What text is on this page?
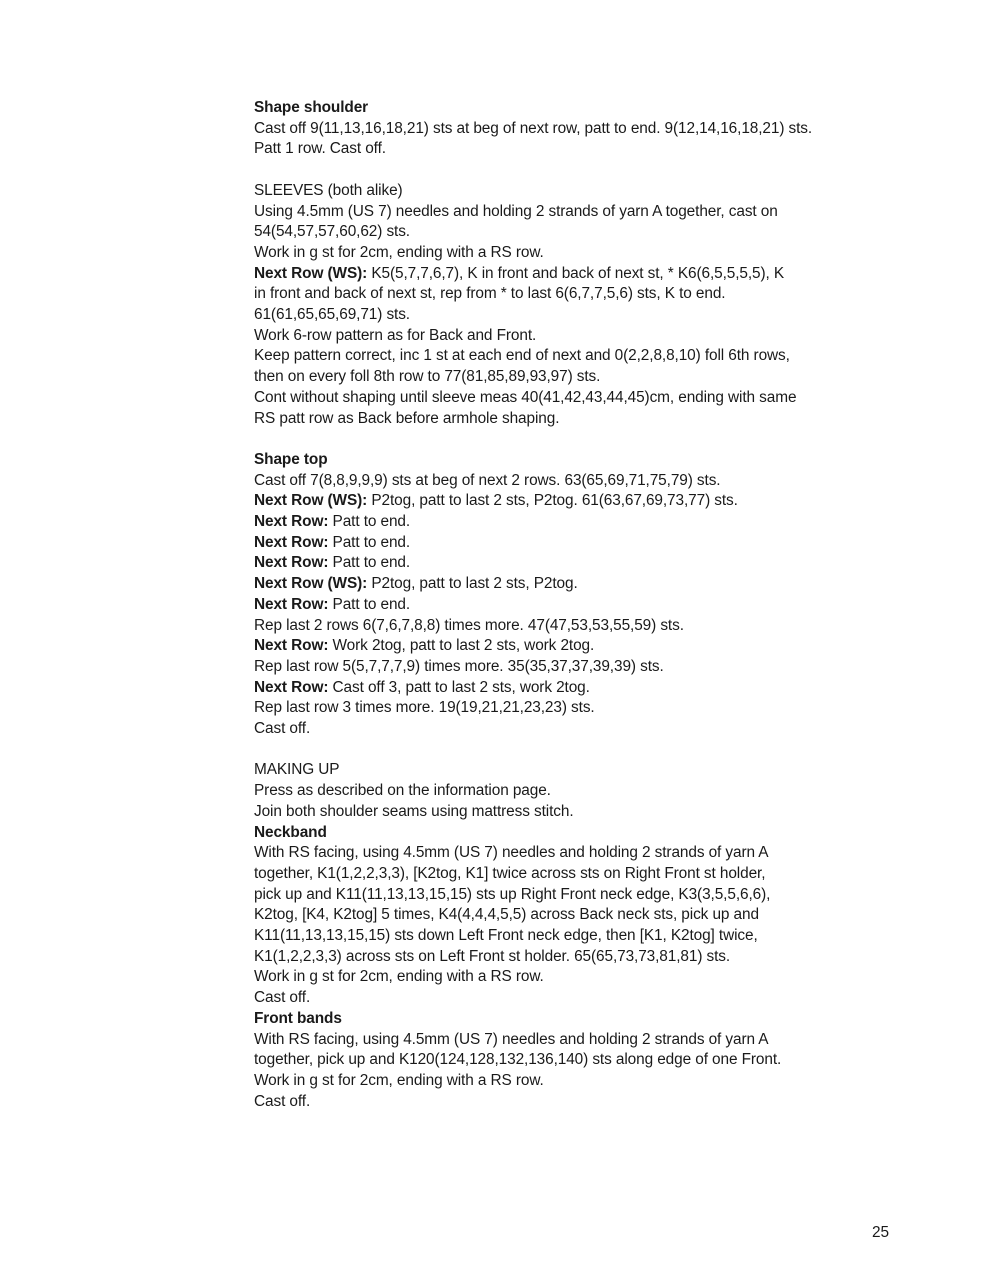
Shape shoulder
Cast off 9(11,13,16,18,21) sts at beg of next row, patt to end. 9(12,14,16,18,21) sts.
Patt 1 row. Cast off.
SLEEVES (both alike)
Using 4.5mm (US 7) needles and holding 2 strands of yarn A together, cast on
54(54,57,57,60,62) sts.
Work in g st for 2cm, ending with a RS row.
Next Row (WS): K5(5,7,7,6,7), K in front and back of next st, * K6(6,5,5,5,5), K
in front and back of next st, rep from * to last 6(6,7,7,5,6) sts, K to end.
61(61,65,65,69,71) sts.
Work 6-row pattern as for Back and Front.
Keep pattern correct, inc 1 st at each end of next and 0(2,2,8,8,10) foll 6th rows,
then on every foll 8th row to 77(81,85,89,93,97) sts.
Cont without shaping until sleeve meas 40(41,42,43,44,45)cm, ending with same
RS patt row as Back before armhole shaping.
Shape top
Cast off 7(8,8,9,9,9) sts at beg of next 2 rows. 63(65,69,71,75,79) sts.
Next Row (WS): P2tog, patt to last 2 sts, P2tog. 61(63,67,69,73,77) sts.
Next Row: Patt to end.
Next Row: Patt to end.
Next Row: Patt to end.
Next Row (WS): P2tog, patt to last 2 sts, P2tog.
Next Row: Patt to end.
Rep last 2 rows 6(7,6,7,8,8) times more. 47(47,53,53,55,59) sts.
Next Row: Work 2tog, patt to last 2 sts, work 2tog.
Rep last row 5(5,7,7,7,9) times more. 35(35,37,37,39,39) sts.
Next Row: Cast off 3, patt to last 2 sts, work 2tog.
Rep last row 3 times more. 19(19,21,21,23,23) sts.
Cast off.
MAKING UP
Press as described on the information page.
Join both shoulder seams using mattress stitch.
Neckband
With RS facing, using 4.5mm (US 7) needles and holding 2 strands of yarn A
together, K1(1,2,2,3,3), [K2tog, K1] twice across sts on Right Front st holder,
pick up and K11(11,13,13,15,15) sts up Right Front neck edge, K3(3,5,5,6,6),
K2tog, [K4, K2tog] 5 times, K4(4,4,4,5,5) across Back neck sts, pick up and
K11(11,13,13,15,15) sts down Left Front neck edge, then [K1, K2tog] twice,
K1(1,2,2,3,3) across sts on Left Front st holder. 65(65,73,73,81,81) sts.
Work in g st for 2cm, ending with a RS row.
Cast off.
Front bands
With RS facing, using 4.5mm (US 7) needles and holding 2 strands of yarn A
together, pick up and K120(124,128,132,136,140) sts along edge of one Front.
Work in g st for 2cm, ending with a RS row.
Cast off.
25
